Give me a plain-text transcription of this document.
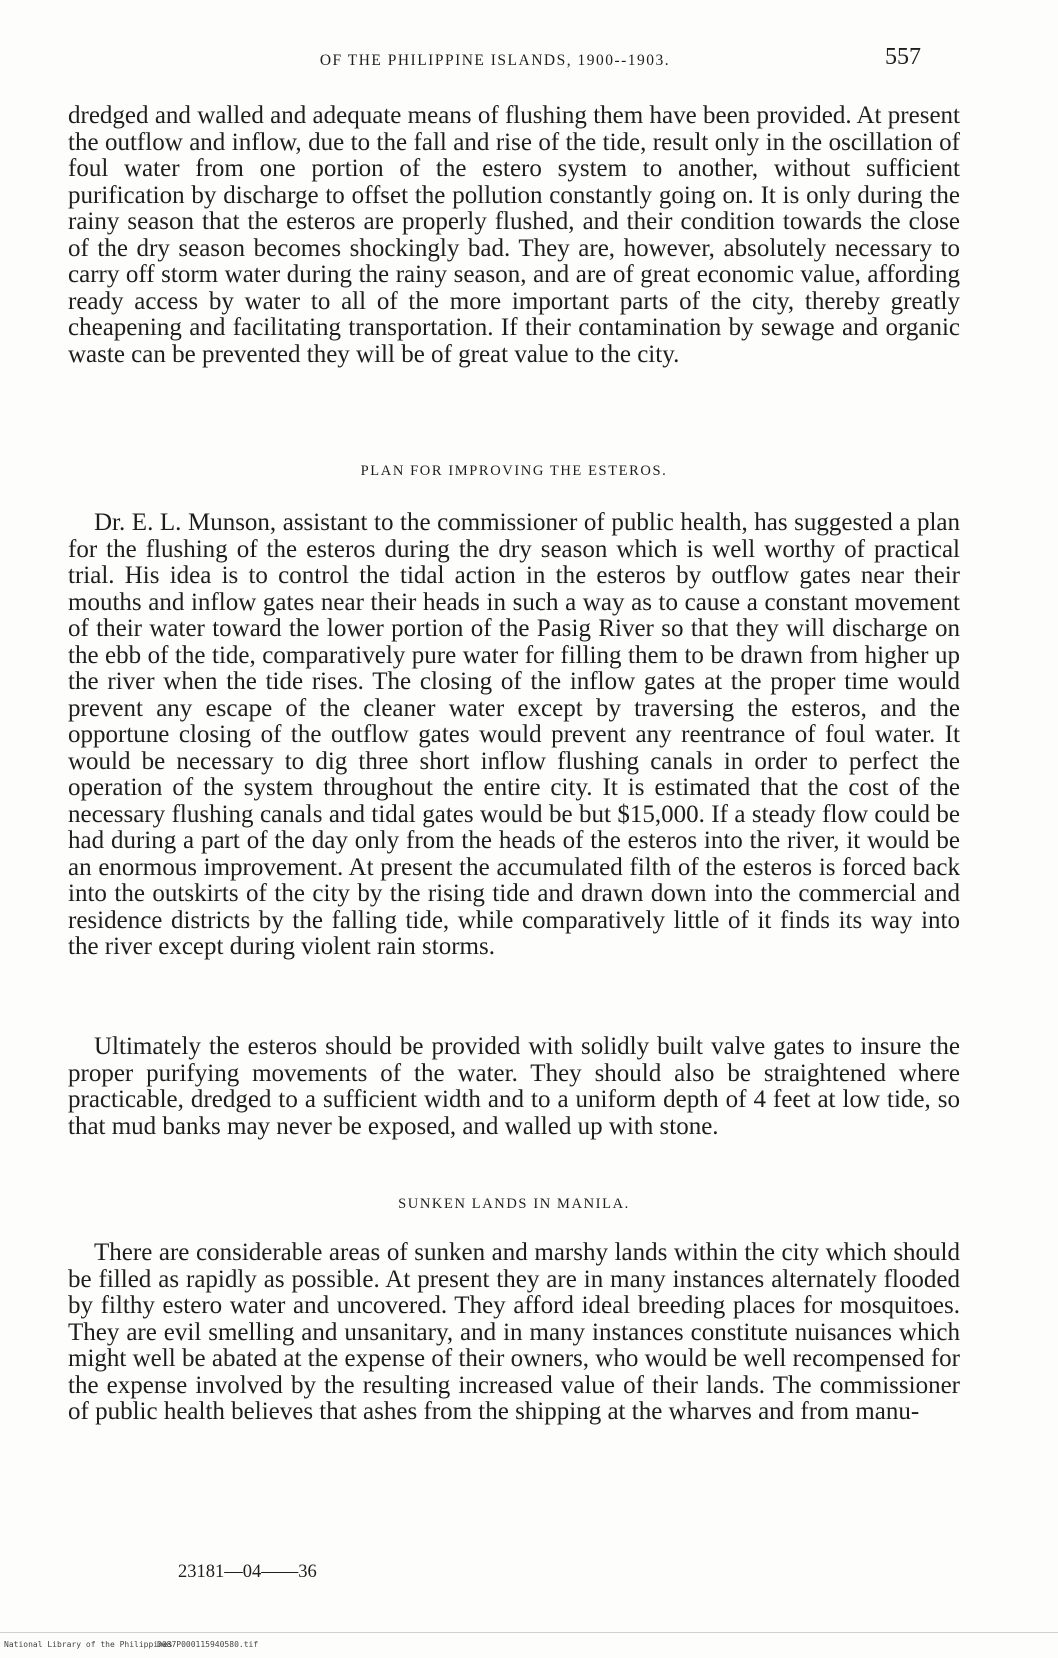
OF THE PHILIPPINE ISLANDS, 1900--1903.	557

dredged and walled and adequate means of flushing them have been provided. At present the outflow and inflow, due to the fall and rise of the tide, result only in the oscillation of foul water from one portion of the estero system to another, without sufficient purification by discharge to offset the pollution constantly going on. It is only during the rainy season that the esteros are properly flushed, and their condition towards the close of the dry season becomes shockingly bad. They are, however, absolutely necessary to carry off storm water during the rainy season, and are of great economic value, affording ready access by water to all of the more important parts of the city, thereby greatly cheapening and facilitating transportation. If their contamination by sewage and organic waste can be prevented they will be of great value to the city.

PLAN FOR IMPROVING THE ESTEROS.

Dr. E. L. Munson, assistant to the commissioner of public health, has suggested a plan for the flushing of the esteros during the dry season which is well worthy of practical trial. His idea is to control the tidal action in the esteros by outflow gates near their mouths and inflow gates near their heads in such a way as to cause a constant movement of their water toward the lower portion of the Pasig River so that they will discharge on the ebb of the tide, comparatively pure water for filling them to be drawn from higher up the river when the tide rises. The closing of the inflow gates at the proper time would prevent any escape of the cleaner water except by traversing the esteros, and the opportune closing of the outflow gates would prevent any reentrance of foul water. It would be necessary to dig three short inflow flushing canals in order to perfect the operation of the system throughout the entire city. It is estimated that the cost of the necessary flushing canals and tidal gates would be but $15,000. If a steady flow could be had during a part of the day only from the heads of the esteros into the river, it would be an enormous improvement. At present the accumulated filth of the esteros is forced back into the outskirts of the city by the rising tide and drawn down into the commercial and residence districts by the falling tide, while comparatively little of it finds its way into the river except during violent rain storms.

Ultimately the esteros should be provided with solidly built valve gates to insure the proper purifying movements of the water. They should also be straightened where practicable, dredged to a sufficient width and to a uniform depth of 4 feet at low tide, so that mud banks may never be exposed, and walled up with stone.

SUNKEN LANDS IN MANILA.

There are considerable areas of sunken and marshy lands within the city which should be filled as rapidly as possible. At present they are in many instances alternately flooded by filthy estero water and uncovered. They afford ideal breeding places for mosquitoes. They are evil smelling and unsanitary, and in many instances constitute nuisances which might well be abated at the expense of their owners, who would be well recompensed for the expense involved by the resulting increased value of their lands. The commissioner of public health believes that ashes from the shipping at the wharves and from manu-

23181—04——36
National Library of the Philippines
D087P000115940580.tif
